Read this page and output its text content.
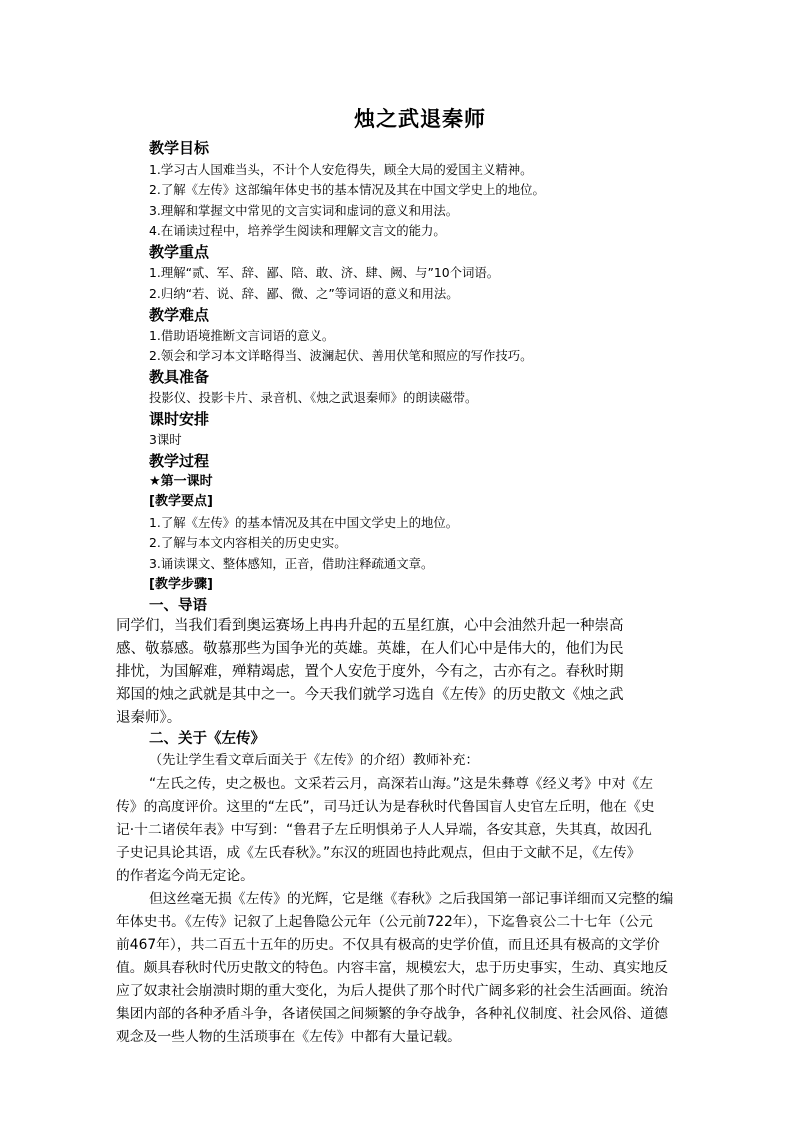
烛之武退秦师
教学目标
1.学习古人国难当头，不计个人安危得失，顾全大局的爱国主义精神。
2.了解《左传》这部编年体史书的基本情况及其在中国文学史上的地位。
3.理解和掌握文中常见的文言实词和虚词的意义和用法。
4.在诵读过程中，培养学生阅读和理解文言文的能力。
教学重点
1.理解“贰、军、辞、鄙、陪、敢、济、肆、阙、与”10个词语。
2.归纳“若、说、辞、鄙、微、之”等词语的意义和用法。
教学难点
1.借助语境推断文言词语的意义。
2.领会和学习本文详略得当、波澜起伏、善用伏笔和照应的写作技巧。
教具准备
投影仪、投影卡片、录音机、《烛之武退秦师》的朗读磁带。
课时安排
3课时
教学过程
★第一课时
[教学要点]
1.了解《左传》的基本情况及其在中国文学史上的地位。
2.了解与本文内容相关的历史史实。
3.诵读课文、整体感知，正音，借助注释疏通文章。
[教学步骤]
一、导语
同学们，当我们看到奥运赛场上冉冉升起的五星红旗，心中会油然升起一种崇高
感、敬慕感。敬慕那些为国争光的英雄。英雄，在人们心中是伟大的，他们为民
排忧，为国解难，殚精竭虑，置个人安危于度外，今有之，古亦有之。春秋时期
郑国的烛之武就是其中之一。今天我们就学习选自《左传》的历史散文《烛之武
退秦师》。
二、关于《左传》
（先让学生看文章后面关于《左传》的介绍）教师补充：
“左氏之传，史之极也。文采若云月，高深若山海。”这是朱彝尊《经义考》中对《左
传》的高度评价。这里的“左氏”，司马迁认为是春秋时代鲁国盲人史官左丘明，他在《史
记·十二诸侯年表》中写到：“鲁君子左丘明惧弟子人人异端，各安其意，失其真，故因孔
子史记具论其语，成《左氏春秋》。”东汉的班固也持此观点，但由于文献不足，《左传》
的作者迄今尚无定论。
但这丝毫无损《左传》的光辉，它是继《春秋》之后我国第一部记事详细而又完整的编
年体史书。《左传》记叙了上起鲁隐公元年（公元前722年），下迄鲁哀公二十七年（公元
前467年），共二百五十五年的历史。不仅具有极高的史学价值，而且还具有极高的文学价
值。颇具春秋时代历史散文的特色。内容丰富，规模宏大，忠于历史事实，生动、真实地反
应了奴隶社会崩溃时期的重大变化，为后人提供了那个时代广阔多彩的社会生活画面。统治
集团内部的各种矛盾斗争，各诸侯国之间频繁的争夺战争，各种礼仪制度、社会风俗、道德
观念及一些人物的生活琐事在《左传》中都有大量记载。
